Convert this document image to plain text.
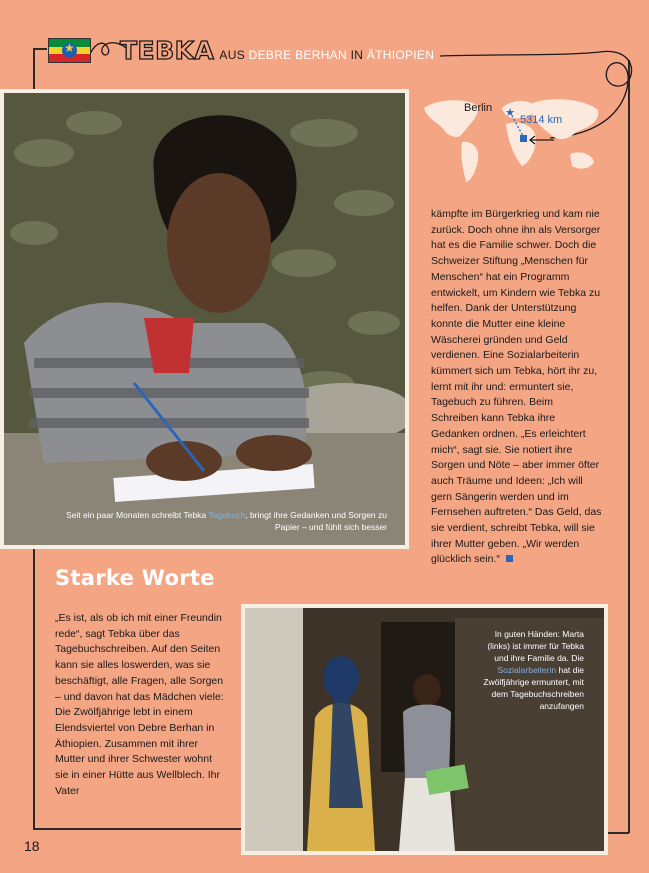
★
TEBKA AUS DEBRE BERHAN IN ÄTHIOPIEN
Seit ein paar Monaten schreibt Tebka Tagebuch, bringt ihre Gedanken und Sorgen zu Papier – und fühlt sich besser
★
Berlin
5314 km
kämpfte im Bürgerkrieg und kam nie zurück. Doch ohne ihn als Versorger hat es die Familie schwer. Doch die Schweizer Stiftung „Menschen für Menschen“ hat ein Programm entwickelt, um Kindern wie Tebka zu helfen. Dank der Unterstützung konnte die Mutter eine kleine Wäscherei gründen und Geld verdienen. Eine Sozialarbeiterin kümmert sich um Tebka, hört ihr zu, lernt mit ihr und: ermuntert sie, Tagebuch zu führen. Beim Schreiben kann Tebka ihre Gedanken ordnen. „Es erleichtert mich“, sagt sie. Sie notiert ihre Sorgen und Nöte – aber immer öfter auch Träume und Ideen: „Ich will gern Sängerin werden und im Fernsehen auftreten.“ Das Geld, das sie verdient, schreibt Tebka, will sie ihrer Mutter geben. „Wir werden glücklich sein.“
Starke Worte
„Es ist, als ob ich mit einer Freundin rede“, sagt Tebka über das Tagebuchschreiben. Auf den Seiten kann sie alles loswerden, was sie beschäftigt, alle Fragen, alle Sorgen – und davon hat das Mädchen viele: Die Zwölfjährige lebt in einem Elendsviertel von Debre Berhan in Äthiopien. Zusammen mit ihrer Mutter und ihrer Schwester wohnt sie in einer Hütte aus Wellblech. Ihr Vater
In guten Händen: Marta (links) ist immer für Tebka und ihre Familie da. Die Sozialarbeiterin hat die Zwölfjährige ermuntert, mit dem Tagebuchschreiben anzufangen
18
